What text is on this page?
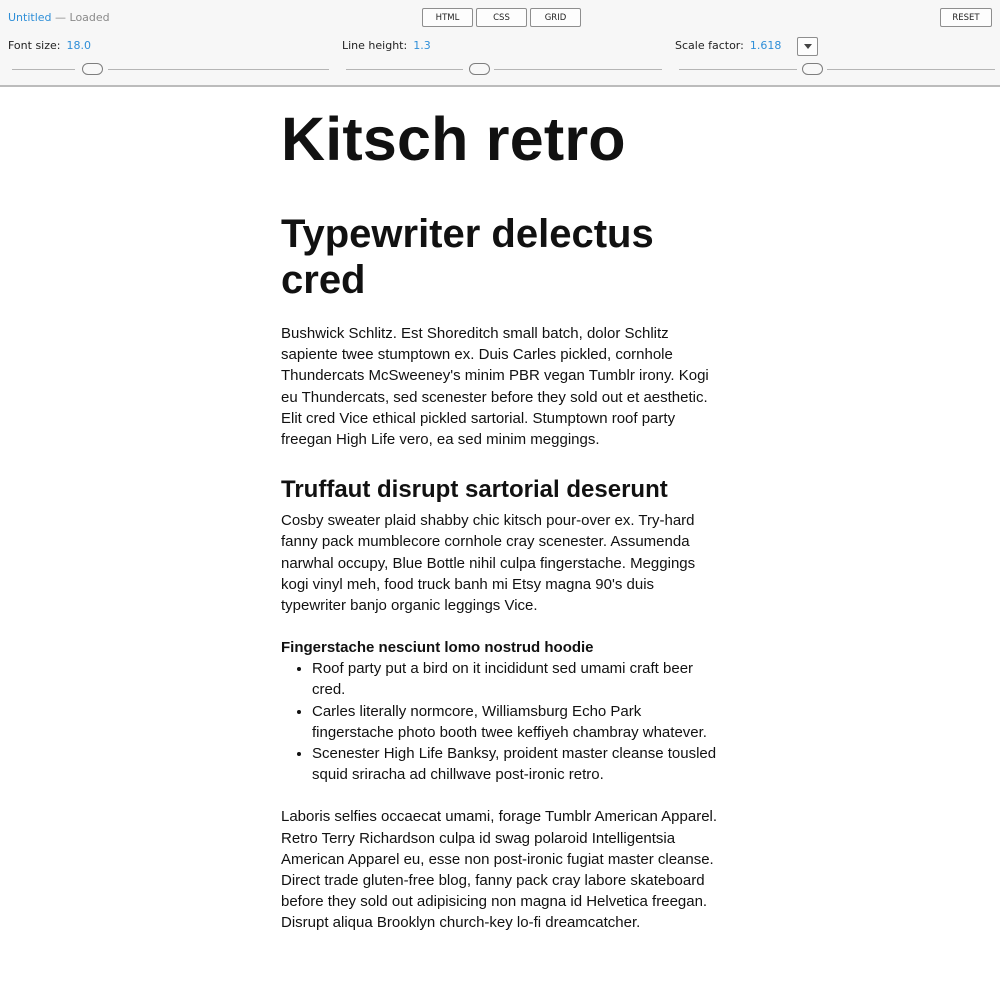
Untitled — Loaded	HTML	CSS	GRID	RESET
Font size: 18.0	Line height: 1.3	Scale factor: 1.618
Kitsch retro
Typewriter delectus cred

Bushwick Schlitz. Est Shoreditch small batch, dolor Schlitz sapiente twee stumptown ex. Duis Carles pickled, cornhole Thundercats McSweeney's minim PBR vegan Tumblr irony. Kogi eu Thundercats, sed scenester before they sold out et aesthetic. Elit cred Vice ethical pickled sartorial. Stumptown roof party freegan High Life vero, ea sed minim meggings.

Truffaut disrupt sartorial deserunt

Cosby sweater plaid shabby chic kitsch pour-over ex. Try-hard fanny pack mumblecore cornhole cray scenester. Assumenda narwhal occupy, Blue Bottle nihil culpa fingerstache. Meggings kogi vinyl meh, food truck banh mi Etsy magna 90's duis typewriter banjo organic leggings Vice.

Fingerstache nesciunt lomo nostrud hoodie
• Roof party put a bird on it incididunt sed umami craft beer cred.
• Carles literally normcore, Williamsburg Echo Park fingerstache photo booth twee keffiyeh chambray whatever.
• Scenester High Life Banksy, proident master cleanse tousled squid sriracha ad chillwave post-ironic retro.

Laboris selfies occaecat umami, forage Tumblr American Apparel. Retro Terry Richardson culpa id swag polaroid Intelligentsia American Apparel eu, esse non post-ironic fugiat master cleanse. Direct trade gluten-free blog, fanny pack cray labore skateboard before they sold out adipisicing non magna id Helvetica freegan. Disrupt aliqua Brooklyn church-key lo-fi dreamcatcher.
